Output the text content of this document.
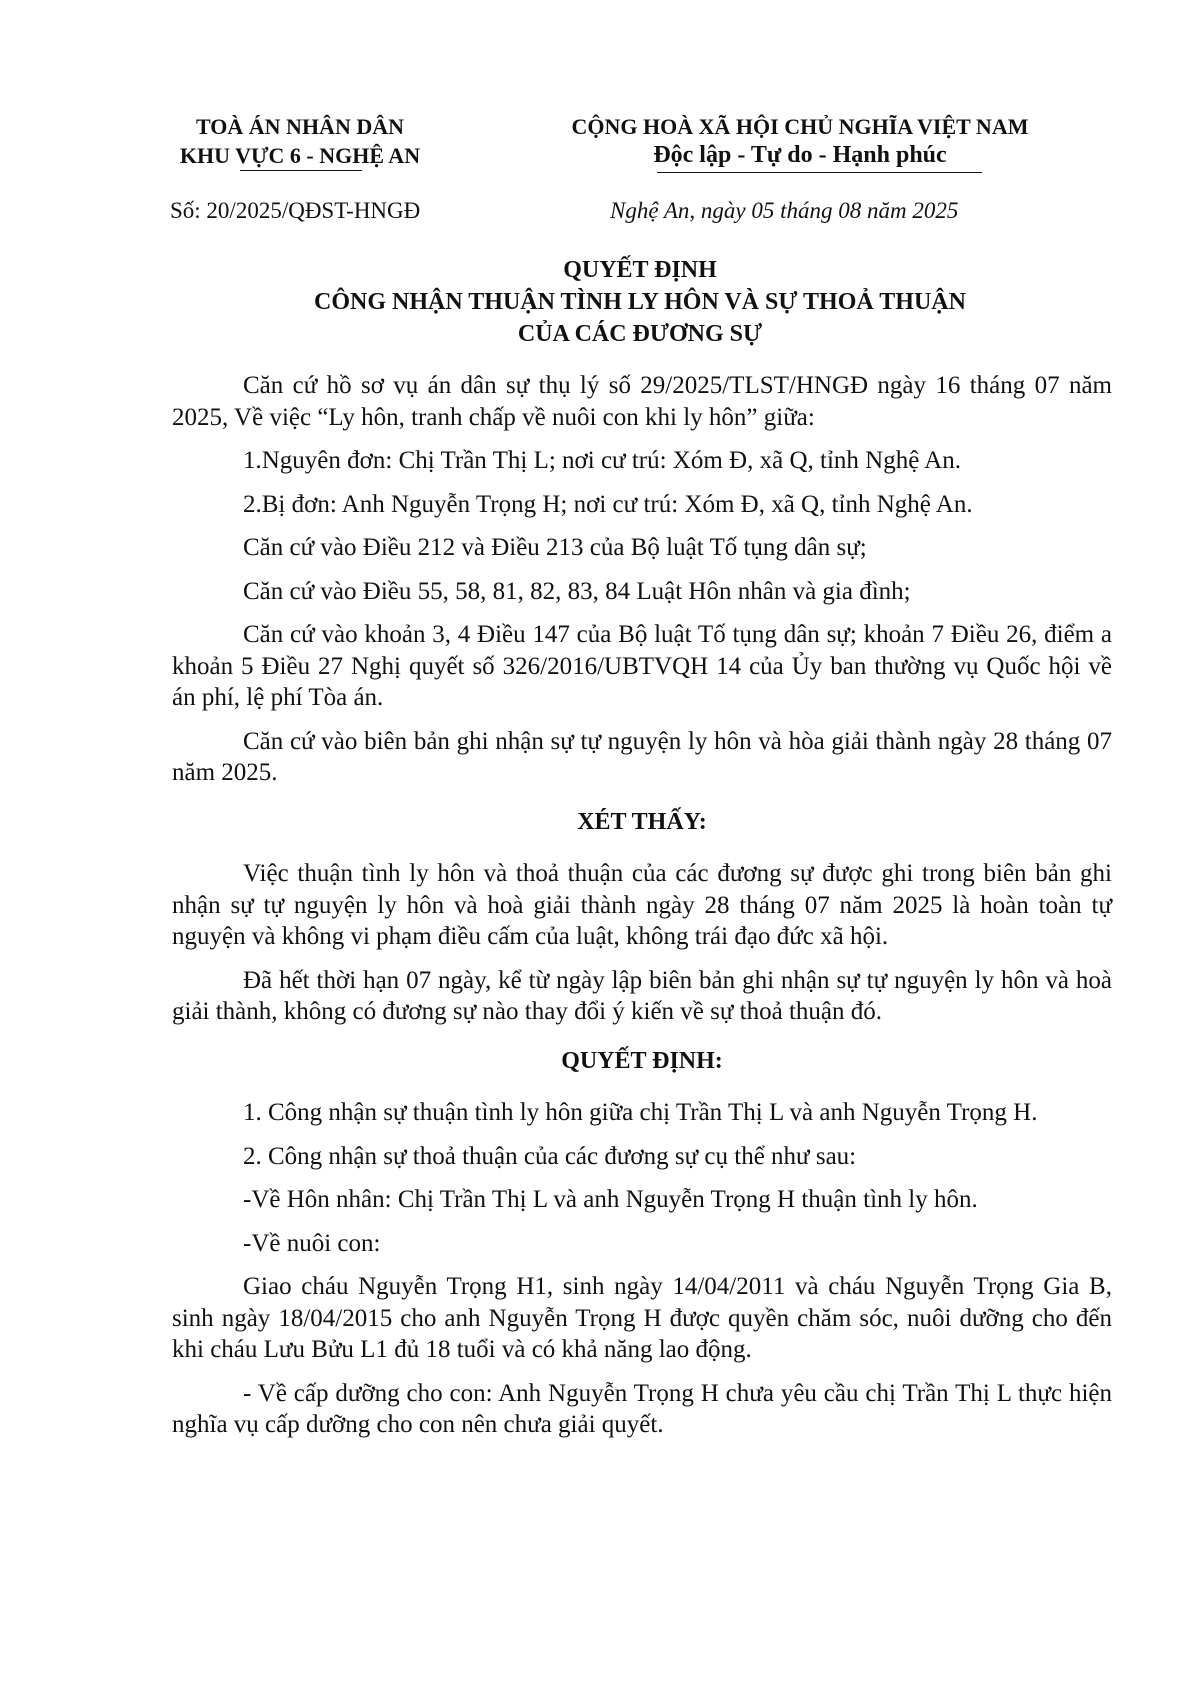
TOÀ ÁN NHÂN DÂN
KHU VỰC 6 - NGHỆ AN
CỘNG HOÀ XÃ HỘI CHỦ NGHĨA VIỆT NAM
Độc lập - Tự do - Hạnh phúc
Số: 20/2025/QĐST-HNGĐ	Nghệ An, ngày 05 tháng 08 năm 2025
QUYẾT ĐỊNH
CÔNG NHẬN THUẬN TÌNH LY HÔN VÀ SỰ THOẢ THUẬN
CỦA CÁC ĐƯƠNG SỰ

Căn cứ hồ sơ vụ án dân sự thụ lý số 29/2025/TLST/HNGĐ ngày 16 tháng 07 năm 2025, Về việc “Ly hôn, tranh chấp về nuôi con khi ly hôn” giữa:

1.Nguyên đơn: Chị Trần Thị L; nơi cư trú: Xóm Đ, xã Q, tỉnh Nghệ An.

2.Bị đơn: Anh Nguyễn Trọng H; nơi cư trú: Xóm Đ, xã Q, tỉnh Nghệ An.

Căn cứ vào Điều 212 và Điều 213 của Bộ luật Tố tụng dân sự;

Căn cứ vào Điều 55, 58, 81, 82, 83, 84 Luật Hôn nhân và gia đình;

Căn cứ vào khoản 3, 4 Điều 147 của Bộ luật Tố tụng dân sự; khoản 7 Điều 26, điểm a khoản 5 Điều 27 Nghị quyết số 326/2016/UBTVQH 14 của Ủy ban thường vụ Quốc hội về án phí, lệ phí Tòa án.

Căn cứ vào biên bản ghi nhận sự tự nguyện ly hôn và hòa giải thành ngày 28 tháng 07 năm 2025.

XÉT THẤY:

Việc thuận tình ly hôn và thoả thuận của các đương sự được ghi trong biên bản ghi nhận sự tự nguyện ly hôn và hoà giải thành ngày 28 tháng 07 năm 2025 là hoàn toàn tự nguyện và không vi phạm điều cấm của luật, không trái đạo đức xã hội.

Đã hết thời hạn 07 ngày, kể từ ngày lập biên bản ghi nhận sự tự nguyện ly hôn và hoà giải thành, không có đương sự nào thay đổi ý kiến về sự thoả thuận đó.

QUYẾT ĐỊNH:

1. Công nhận sự thuận tình ly hôn giữa chị Trần Thị L và anh Nguyễn Trọng H.

2. Công nhận sự thoả thuận của các đương sự cụ thể như sau:

-Về Hôn nhân: Chị Trần Thị L và anh Nguyễn Trọng H thuận tình ly hôn.

-Về nuôi con:

Giao cháu Nguyễn Trọng H1, sinh ngày 14/04/2011 và cháu Nguyễn Trọng Gia B, sinh ngày 18/04/2015 cho anh Nguyễn Trọng H được quyền chăm sóc, nuôi dưỡng cho đến khi cháu Lưu Bửu L1 đủ 18 tuổi và có khả năng lao động.

- Về cấp dưỡng cho con: Anh Nguyễn Trọng H chưa yêu cầu chị Trần Thị L thực hiện nghĩa vụ cấp dưỡng cho con nên chưa giải quyết.
